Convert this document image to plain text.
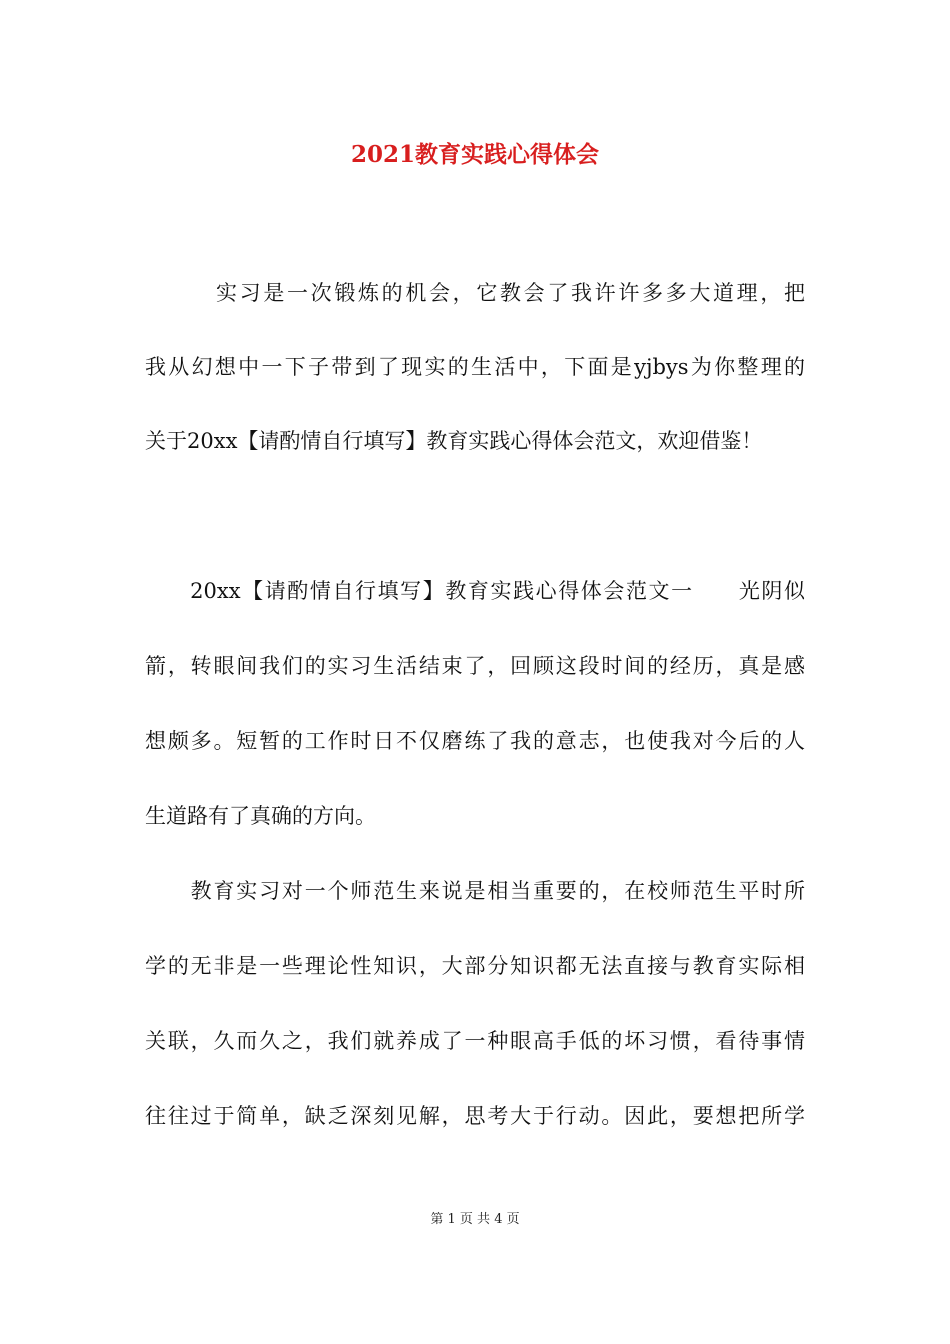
2021教育实践心得体会
　　　实习是一次锻炼的机会，它教会了我许许多多大道理，把
我从幻想中一下子带到了现实的生活中，下面是yjbys为你整理的
关于20xx【请酌情自行填写】教育实践心得体会范文，欢迎借鉴！
　　20xx【请酌情自行填写】教育实践心得体会范文一　　光阴似
箭，转眼间我们的实习生活结束了，回顾这段时间的经历，真是感
想颇多。短暂的工作时日不仅磨练了我的意志，也使我对今后的人
生道路有了真确的方向。
　　教育实习对一个师范生来说是相当重要的，在校师范生平时所
学的无非是一些理论性知识，大部分知识都无法直接与教育实际相
关联，久而久之，我们就养成了一种眼高手低的坏习惯，看待事情
往往过于简单，缺乏深刻见解，思考大于行动。因此，要想把所学
第 1 页 共 4 页
